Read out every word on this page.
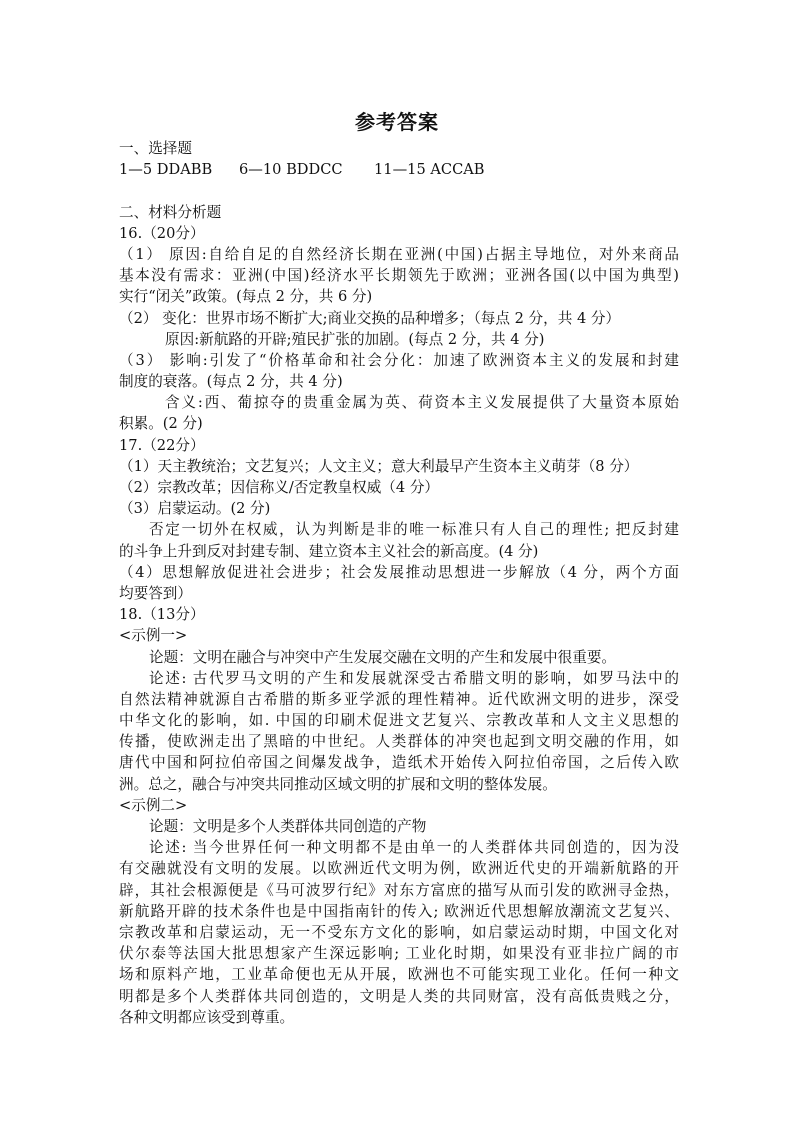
参考答案
一、选择题
1—5 DDABB 6—10 BDDCC 11—15 ACCAB
二、材料分析题
16.（20分）
（1） 原因:自给自足的自然经济长期在亚洲(中国)占据主导地位，对外来商品
基本没有需求：亚洲(中国)经济水平长期领先于欧洲；亚洲各国(以中国为典型)
实行“闭关”政策。(每点 2 分，共 6 分)
（2） 变化：世界市场不断扩大;商业交换的品种增多；（每点 2 分，共 4 分）
原因:新航路的开辟;殖民扩张的加剧。(每点 2 分，共 4 分)
（3） 影响:引发了“价格革命和社会分化：加速了欧洲资本主义的发展和封建
制度的衰落。(每点 2 分，共 4 分)
含义:西、葡掠夺的贵重金属为英、荷资本主义发展提供了大量资本原始
积累。(2 分)
17.（22分）
（1）天主教统治；文艺复兴；人文主义；意大利最早产生资本主义萌芽（8 分）
（2）宗教改革；因信称义/否定教皇权威（4 分）
（3）启蒙运动。(2 分)
否定一切外在权威，认为判断是非的唯一标准只有人自己的理性; 把反封建
的斗争上升到反对封建专制、建立资本主义社会的新高度。(4 分)
（4）思想解放促进社会进步；社会发展推动思想进一步解放（4 分，两个方面
均要答到）
18.（13分）
<示例一>
论题：文明在融合与冲突中产生发展交融在文明的产生和发展中很重要。
论述: 古代罗马文明的产生和发展就深受古希腊文明的影响，如罗马法中的
自然法精神就源自古希腊的斯多亚学派的理性精神。近代欧洲文明的进步，深受
中华文化的影响，如. 中国的印刷术促进文艺复兴、宗教改革和人文主义思想的
传播，使欧洲走出了黑暗的中世纪。人类群体的冲突也起到文明交融的作用，如
唐代中国和阿拉伯帝国之间爆发战争，造纸术开始传入阿拉伯帝国，之后传入欧
洲。总之，融合与冲突共同推动区域文明的扩展和文明的整体发展。
<示例二>
论题：文明是多个人类群体共同创造的产物
论述: 当今世界任何一种文明都不是由单一的人类群体共同创造的，因为没
有交融就没有文明的发展。以欧洲近代文明为例，欧洲近代史的开端新航路的开
辟，其社会根源便是《马可波罗行纪》对东方富庶的描写从而引发的欧洲寻金热，
新航路开辟的技术条件也是中国指南针的传入; 欧洲近代思想解放潮流文艺复兴、
宗教改革和启蒙运动，无一不受东方文化的影响，如启蒙运动时期，中国文化对
伏尔泰等法国大批思想家产生深远影响; 工业化时期，如果没有亚非拉广阔的市
场和原料产地，工业革命便也无从开展，欧洲也不可能实现工业化。任何一种文
明都是多个人类群体共同创造的，文明是人类的共同财富，没有高低贵贱之分，
各种文明都应该受到尊重。
